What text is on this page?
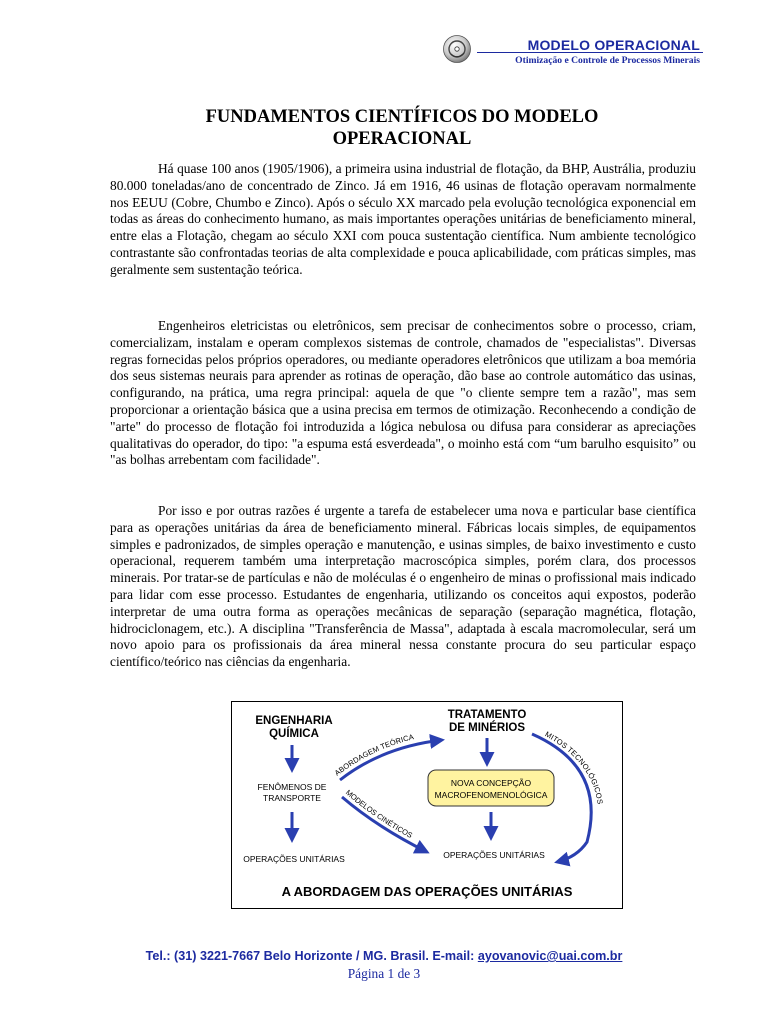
MODELO OPERACIONAL
Otimização e Controle de Processos Minerais
FUNDAMENTOS CIENTÍFICOS DO MODELO
OPERACIONAL

Há quase 100 anos (1905/1906), a primeira usina industrial de flotação, da BHP, Austrália, produziu 80.000 toneladas/ano de concentrado de Zinco. Já em 1916, 46 usinas de flotação operavam normalmente nos EEUU (Cobre, Chumbo e Zinco). Após o século XX marcado pela evolução tecnológica exponencial em todas as áreas do conhecimento humano, as mais importantes operações unitárias de beneficiamento mineral, entre elas a Flotação, chegam ao século XXI com pouca sustentação científica. Num ambiente tecnológico contrastante são confrontadas teorias de alta complexidade e pouca aplicabilidade, com práticas simples, mas geralmente sem sustentação teórica.

Engenheiros eletricistas ou eletrônicos, sem precisar de conhecimentos sobre o processo, criam, comercializam, instalam e operam complexos sistemas de controle, chamados de "especialistas". Diversas regras fornecidas pelos próprios operadores, ou mediante operadores eletrônicos que utilizam a boa memória dos seus sistemas neurais para aprender as rotinas de operação, dão base ao controle automático das usinas, configurando, na prática, uma regra principal: aquela de que "o cliente sempre tem a razão", mas sem proporcionar a orientação básica que a usina precisa em termos de otimização. Reconhecendo a condição de "arte" do processo de flotação foi introduzida a lógica nebulosa ou difusa para considerar as apreciações qualitativas do operador, do tipo: "a espuma está esverdeada", o moinho está com “um barulho esquisito” ou "as bolhas arrebentam com facilidade".

Por isso e por outras razões é urgente a tarefa de estabelecer uma nova e particular base científica para as operações unitárias da área de beneficiamento mineral. Fábricas locais simples, de equipamentos simples e padronizados, de simples operação e manutenção, e usinas simples, de baixo investimento e custo operacional, requerem também uma interpretação macroscópica simples, porém clara, dos processos minerais. Por tratar-se de partículas e não de moléculas é o engenheiro de minas o profissional mais indicado para lidar com esse processo. Estudantes de engenharia, utilizando os conceitos aqui expostos, poderão interpretar de uma outra forma as operações mecânicas de separação (separação magnética, flotação, hidrociclonagem, etc.). A disciplina "Transferência de Massa", adaptada à escala macromolecular, será um novo apoio para os profissionais da área mineral nessa constante procura do seu particular espaço científico/teórico nas ciências da engenharia.

ENGENHARIA
QUÍMICA
FENÔMENOS DE
TRANSPORTE
OPERAÇÕES UNITÁRIAS
TRATAMENTO
DE MINÉRIOS
NOVA CONCEPÇÃO
MACROFENOMENOLÓGICA
OPERAÇÕES UNITÁRIAS
ABORDAGEM TEÓRICA
MODELOS CINÉTICOS
MITOS TECNOLÓGICOS
A ABORDAGEM DAS OPERAÇÕES UNITÁRIAS
Tel.: (31) 3221-7667 Belo Horizonte / MG. Brasil. E-mail: ayovanovic@uai.com.br
Página 1 de 3
